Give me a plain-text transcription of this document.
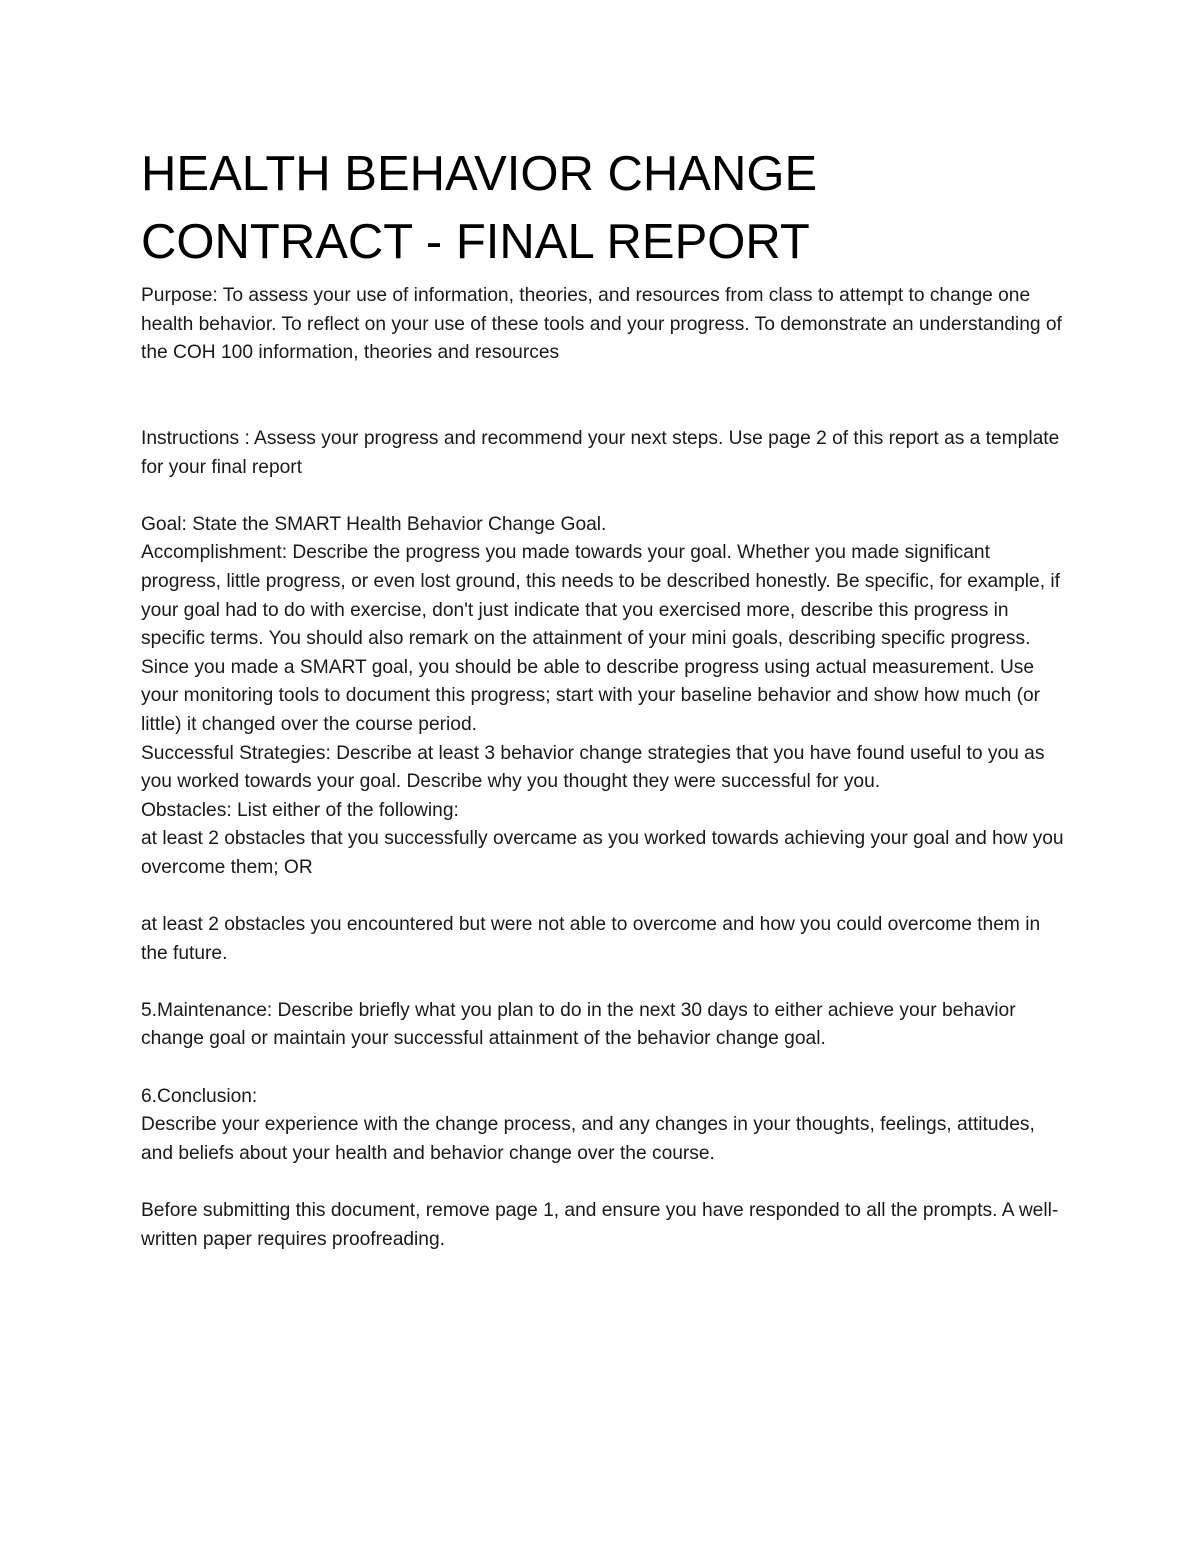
HEALTH BEHAVIOR CHANGE
CONTRACT - FINAL REPORT

Purpose: To assess your use of information, theories, and resources from class to attempt to change one health behavior. To reflect on your use of these tools and your progress. To demonstrate an understanding of the COH 100 information, theories and resources

Instructions : Assess your progress and recommend your next steps. Use page 2 of this report as a template for your final report

Goal: State the SMART Health Behavior Change Goal.

Accomplishment: Describe the progress you made towards your goal. Whether you made significant progress, little progress, or even lost ground, this needs to be described honestly. Be specific, for example, if your goal had to do with exercise, don't just indicate that you exercised more, describe this progress in specific terms. You should also remark on the attainment of your mini goals, describing specific progress. Since you made a SMART goal, you should be able to describe progress using actual measurement. Use your monitoring tools to document this progress; start with your baseline behavior and show how much (or little) it changed over the course period.

Successful Strategies: Describe at least 3 behavior change strategies that you have found useful to you as you worked towards your goal. Describe why you thought they were successful for you.

Obstacles: List either of the following:

at least 2 obstacles that you successfully overcame as you worked towards achieving your goal and how you overcome them; OR

at least 2 obstacles you encountered but were not able to overcome and how you could overcome them in the future.

5.Maintenance: Describe briefly what you plan to do in the next 30 days to either achieve your behavior change goal or maintain your successful attainment of the behavior change goal.

6.Conclusion:

Describe your experience with the change process, and any changes in your thoughts, feelings, attitudes, and beliefs about your health and behavior change over the course.

Before submitting this document, remove page 1, and ensure you have responded to all the prompts. A well-written paper requires proofreading.
